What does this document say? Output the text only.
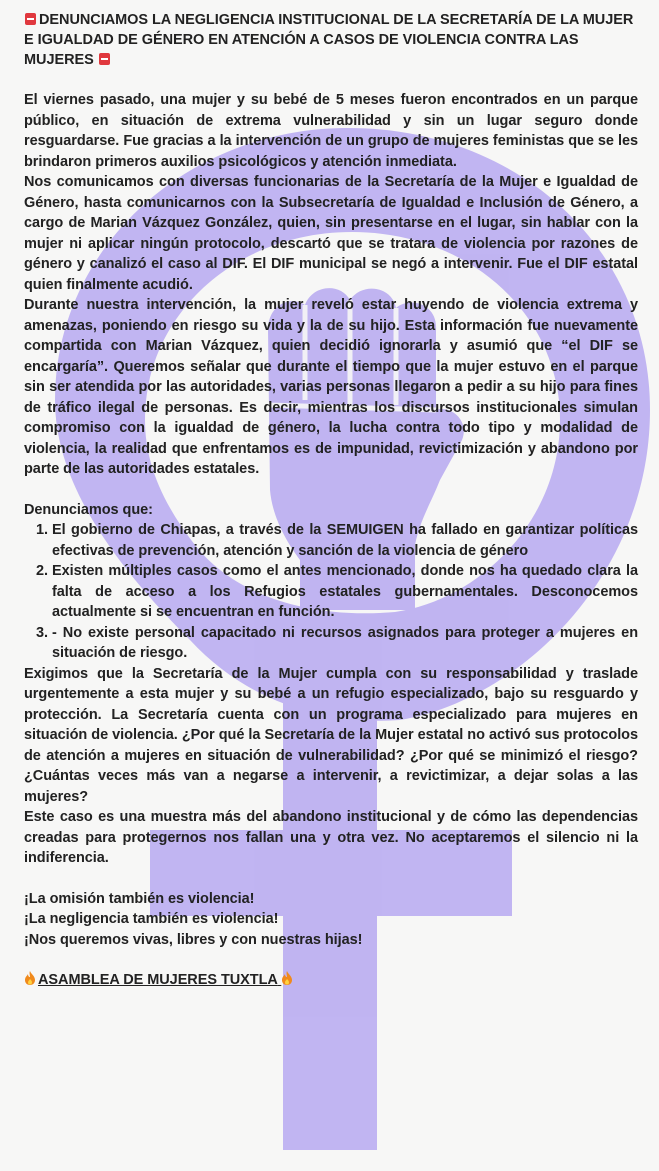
DENUNCIAMOS LA NEGLIGENCIA INSTITUCIONAL DE LA SECRETARÍA DE LA MUJER E IGUALDAD DE GÉNERO EN ATENCIÓN A CASOS DE VIOLENCIA CONTRA LAS MUJERES

El viernes pasado, una mujer y su bebé de 5 meses fueron encontrados en un parque público, en situación de extrema vulnerabilidad y sin un lugar seguro donde resguardarse. Fue gracias a la intervención de un grupo de mujeres feministas que se les brindaron primeros auxilios psicológicos y atención inmediata.

Nos comunicamos con diversas funcionarias de la Secretaría de la Mujer e Igualdad de Género, hasta comunicarnos con la Subsecretaría de Igualdad e Inclusión de Género, a cargo de Marian Vázquez González, quien, sin presentarse en el lugar, sin hablar con la mujer ni aplicar ningún protocolo, descartó que se tratara de violencia por razones de género y canalizó el caso al DIF. El DIF municipal se negó a intervenir. Fue el DIF estatal quien finalmente acudió.

Durante nuestra intervención, la mujer reveló estar huyendo de violencia extrema y amenazas, poniendo en riesgo su vida y la de su hijo. Esta información fue nuevamente compartida con Marian Vázquez, quien decidió ignorarla y asumió que “el DIF se encargaría”. Queremos señalar que durante el tiempo que la mujer estuvo en el parque sin ser atendida por las autoridades, varias personas llegaron a pedir a su hijo para fines de tráfico ilegal de personas. Es decir, mientras los discursos institucionales simulan compromiso con la igualdad de género, la lucha contra todo tipo y modalidad de violencia, la realidad que enfrentamos es de impunidad, revictimización y abandono por parte de las autoridades estatales.

Denunciamos que:

1. El gobierno de Chiapas, a través de la SEMUIGEN ha fallado en garantizar políticas efectivas de prevención, atención y sanción de la violencia de género
2. Existen múltiples casos como el antes mencionado, donde nos ha quedado clara la falta de acceso a los Refugios estatales gubernamentales. Desconocemos actualmente si se encuentran en función.
3. - No existe personal capacitado ni recursos asignados para proteger a mujeres en situación de riesgo.

Exigimos que la Secretaría de la Mujer cumpla con su responsabilidad y traslade urgentemente a esta mujer y su bebé a un refugio especializado, bajo su resguardo y protección. La Secretaría cuenta con un programa especializado para mujeres en situación de violencia. ¿Por qué la Secretaría de la Mujer estatal no activó sus protocolos de atención a mujeres en situación de vulnerabilidad? ¿Por qué se minimizó el riesgo? ¿Cuántas veces más van a negarse a intervenir, a revictimizar, a dejar solas a las mujeres?

Este caso es una muestra más del abandono institucional y de cómo las dependencias creadas para protegernos nos fallan una y otra vez. No aceptaremos el silencio ni la indiferencia.

¡La omisión también es violencia!

¡La negligencia también es violencia!

¡Nos queremos vivas, libres y con nuestras hijas!

ASAMBLEA DE MUJERES TUXTLA
